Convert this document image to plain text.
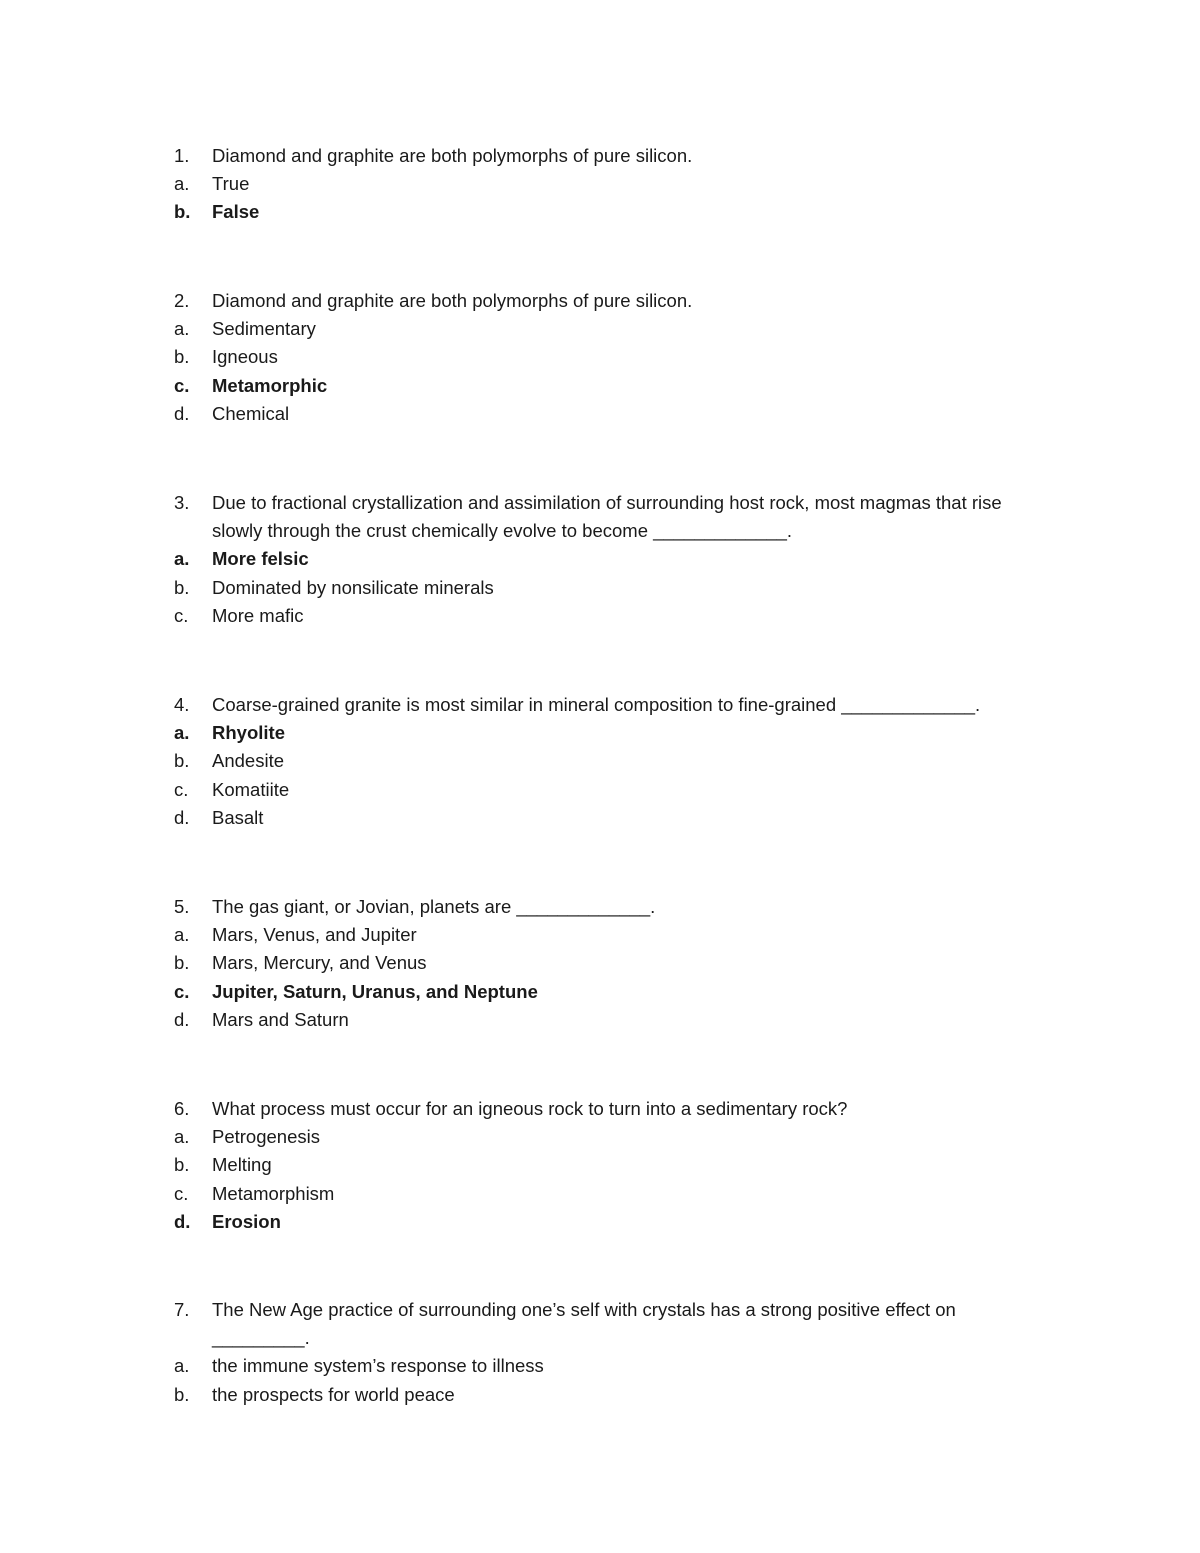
1.	Diamond and graphite are both polymorphs of pure silicon.
a.	True
b.	False
2.	Diamond and graphite are both polymorphs of pure silicon.
a.	Sedimentary
b.	Igneous
c.	Metamorphic
d.	Chemical
3.	Due to fractional crystallization and assimilation of surrounding host rock, most magmas that rise slowly through the crust chemically evolve to become _____________.
a.	More felsic
b.	Dominated by nonsilicate minerals
c.	More mafic
4.	Coarse-grained granite is most similar in mineral composition to fine-grained _____________.
a.	Rhyolite
b.	Andesite
c.	Komatiite
d.	Basalt
5.	The gas giant, or Jovian, planets are _____________.
a.	Mars, Venus, and Jupiter
b.	Mars, Mercury, and Venus
c.	Jupiter, Saturn, Uranus, and Neptune
d.	Mars and Saturn
6.	What process must occur for an igneous rock to turn into a sedimentary rock?
a.	Petrogenesis
b.	Melting
c.	Metamorphism
d.	Erosion
7.	The New Age practice of surrounding one’s self with crystals has a strong positive effect on _________.
a.	the immune system’s response to illness
b.	the prospects for world peace
